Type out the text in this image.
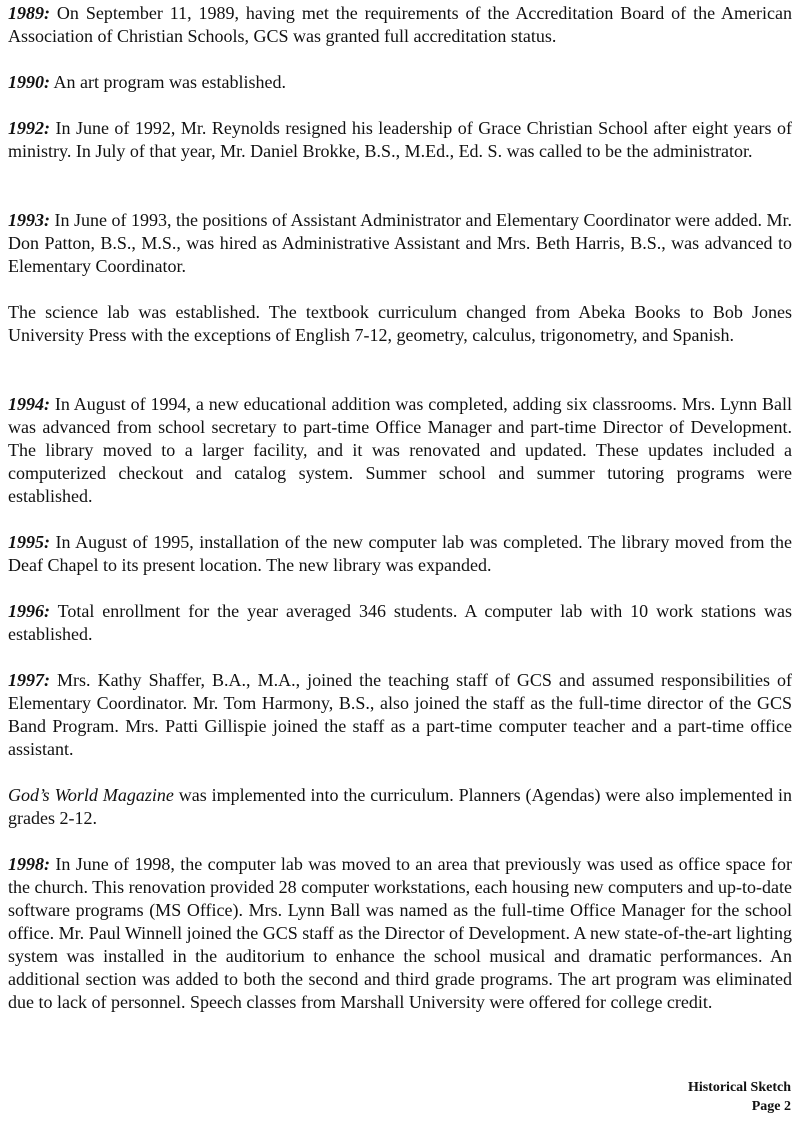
1989: On September 11, 1989, having met the requirements of the Accreditation Board of the American Association of Christian Schools, GCS was granted full accreditation status.

1990: An art program was established.

1992: In June of 1992, Mr. Reynolds resigned his leadership of Grace Christian School after eight years of ministry. In July of that year, Mr. Daniel Brokke, B.S., M.Ed., Ed. S. was called to be the administrator.

1993: In June of 1993, the positions of Assistant Administrator and Elementary Coordinator were added. Mr. Don Patton, B.S., M.S., was hired as Administrative Assistant and Mrs. Beth Harris, B.S., was advanced to Elementary Coordinator.

The science lab was established. The textbook curriculum changed from Abeka Books to Bob Jones University Press with the exceptions of English 7-12, geometry, calculus, trigonometry, and Spanish.

1994: In August of 1994, a new educational addition was completed, adding six classrooms. Mrs. Lynn Ball was advanced from school secretary to part-time Office Manager and part-time Director of Development. The library moved to a larger facility, and it was renovated and updated. These updates included a computerized checkout and catalog system. Summer school and summer tutoring programs were established.

1995: In August of 1995, installation of the new computer lab was completed. The library moved from the Deaf Chapel to its present location. The new library was expanded.

1996: Total enrollment for the year averaged 346 students. A computer lab with 10 work stations was established.

1997: Mrs. Kathy Shaffer, B.A., M.A., joined the teaching staff of GCS and assumed responsibilities of Elementary Coordinator. Mr. Tom Harmony, B.S., also joined the staff as the full-time director of the GCS Band Program. Mrs. Patti Gillispie joined the staff as a part-time computer teacher and a part-time office assistant.

God’s World Magazine was implemented into the curriculum. Planners (Agendas) were also implemented in grades 2-12.

1998: In June of 1998, the computer lab was moved to an area that previously was used as office space for the church. This renovation provided 28 computer workstations, each housing new computers and up-to-date software programs (MS Office). Mrs. Lynn Ball was named as the full-time Office Manager for the school office. Mr. Paul Winnell joined the GCS staff as the Director of Development. A new state-of-the-art lighting system was installed in the auditorium to enhance the school musical and dramatic performances. An additional section was added to both the second and third grade programs. The art program was eliminated due to lack of personnel. Speech classes from Marshall University were offered for college credit.

Historical Sketch
Page 2
